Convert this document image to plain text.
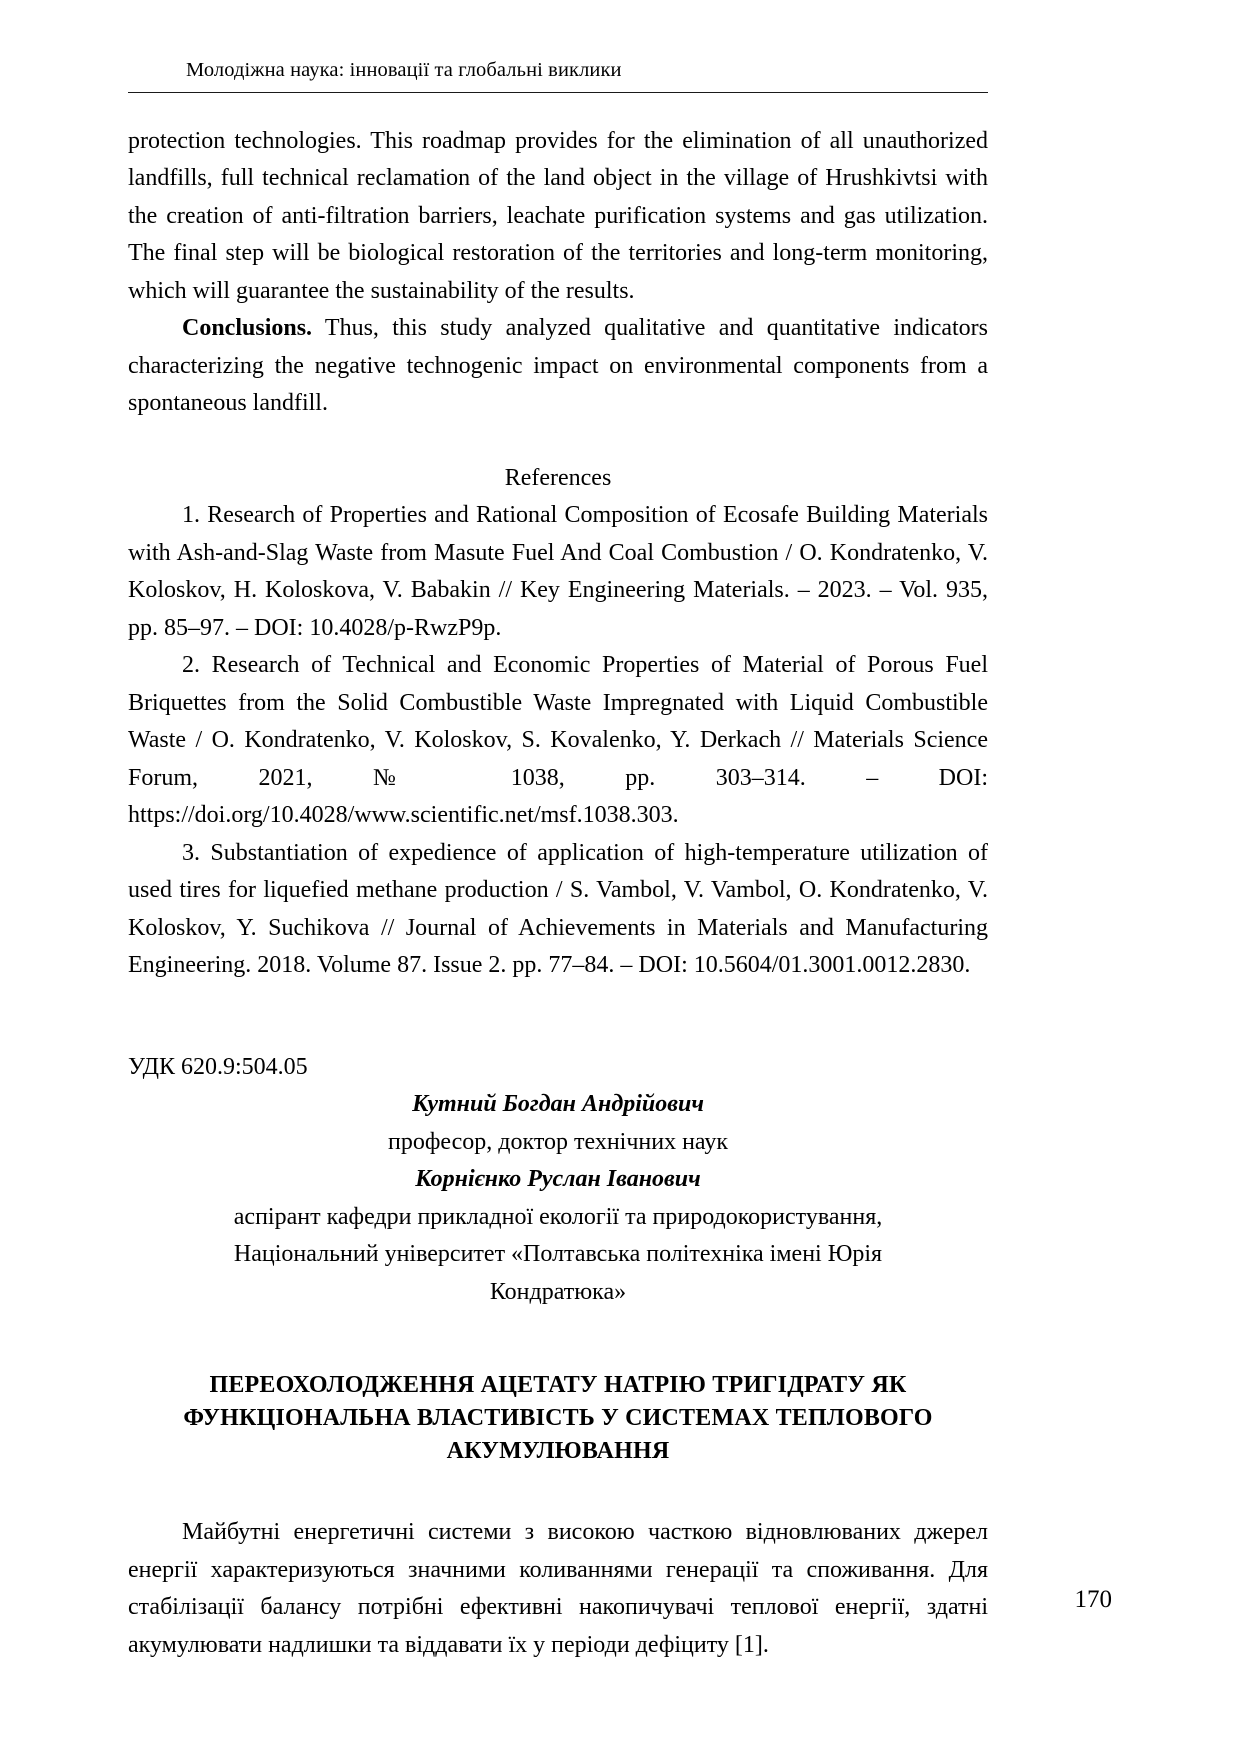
Молодіжна наука: інновації та глобальні виклики

protection technologies. This roadmap provides for the elimination of all unauthorized landfills, full technical reclamation of the land object in the village of Hrushkivtsi with the creation of anti-filtration barriers, leachate purification systems and gas utilization. The final step will be biological restoration of the territories and long-term monitoring, which will guarantee the sustainability of the results.

Conclusions. Thus, this study analyzed qualitative and quantitative indicators characterizing the negative technogenic impact on environmental components from a spontaneous landfill.

References

1. Research of Properties and Rational Composition of Ecosafe Building Materials with Ash-and-Slag Waste from Masute Fuel And Coal Combustion / O. Kondratenko, V. Koloskov, H. Koloskova, V. Babakin // Key Engineering Materials. – 2023. – Vol. 935, pp. 85–97. – DOI: 10.4028/p-RwzP9p.

2. Research of Technical and Economic Properties of Material of Porous Fuel Briquettes from the Solid Combustible Waste Impregnated with Liquid Combustible Waste / O. Kondratenko, V. Koloskov, S. Kovalenko, Y. Derkach // Materials Science Forum, 2021, № 1038, pp. 303–314. – DOI: https://doi.org/10.4028/www.scientific.net/msf.1038.303.

3. Substantiation of expedience of application of high-temperature utilization of used tires for liquefied methane production / S. Vambol, V. Vambol, O. Kondratenko, V. Koloskov, Y. Suchikova // Journal of Achievements in Materials and Manufacturing Engineering. 2018. Volume 87. Issue 2. pp. 77–84. – DOI: 10.5604/01.3001.0012.2830.

УДК 620.9:504.05

Кутний Богдан Андрійович

професор, доктор технічних наук

Корнієнко Руслан Іванович

аспірант кафедри прикладної екології та природокористування,

Національний університет «Полтавська політехніка імені Юрія

Кондратюка»

ПЕРЕОХОЛОДЖЕННЯ АЦЕТАТУ НАТРІЮ ТРИГІДРАТУ ЯК
ФУНКЦІОНАЛЬНА ВЛАСТИВІСТЬ У СИСТЕМАХ ТЕПЛОВОГО
АКУМУЛЮВАННЯ

Майбутні енергетичні системи з високою часткою відновлюваних джерел енергії характеризуються значними коливаннями генерації та споживання. Для стабілізації балансу потрібні ефективні накопичувачі теплової енергії, здатні акумулювати надлишки та віддавати їх у періоди дефіциту [1].

170
